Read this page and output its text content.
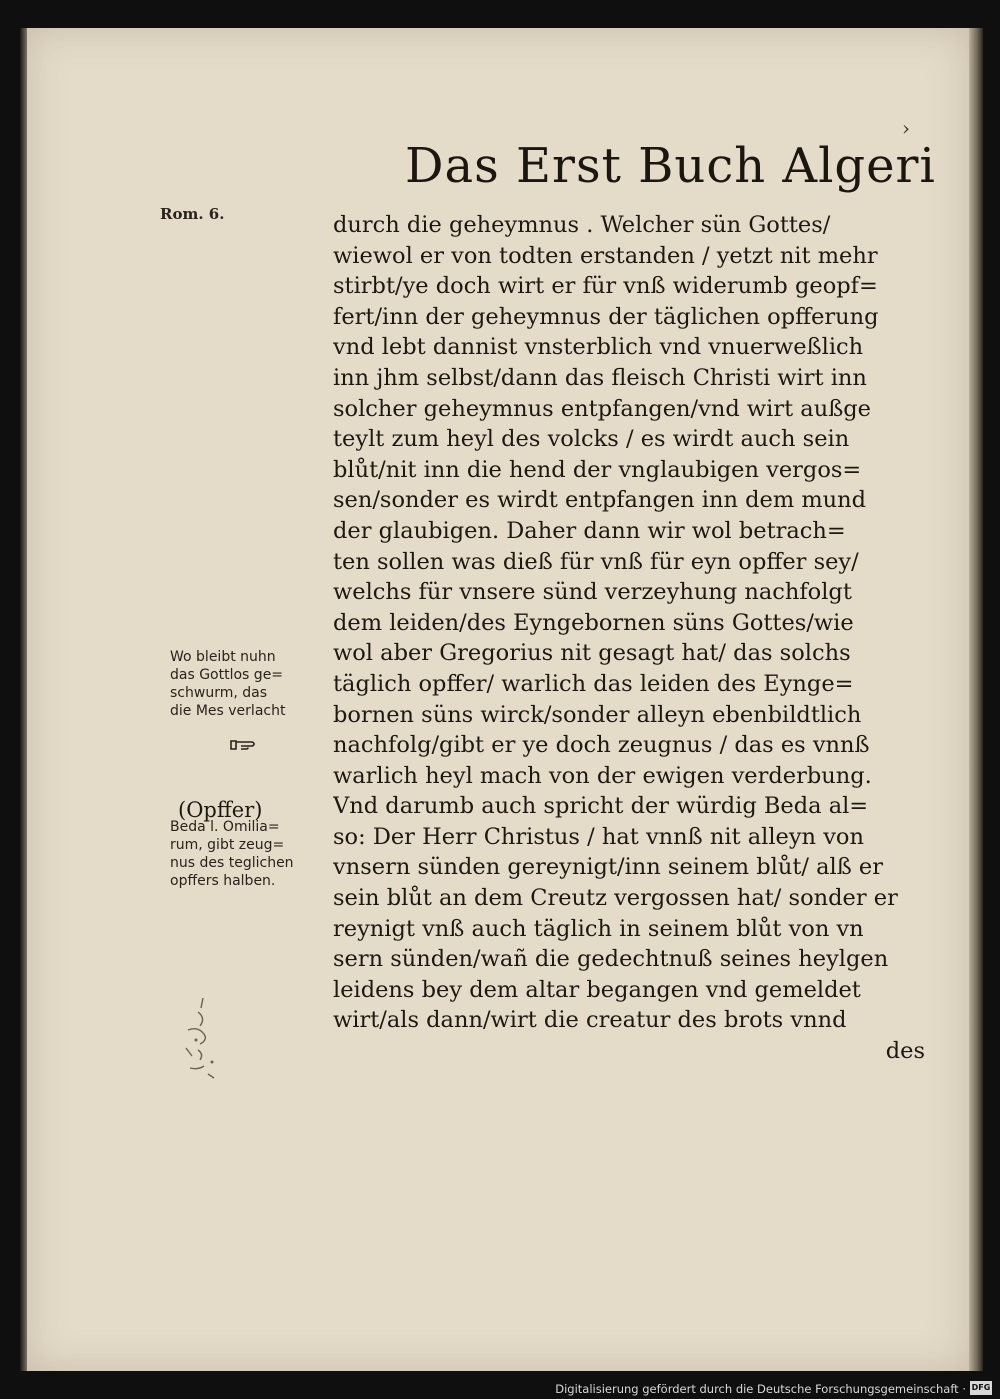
›
Das Erst Buch Algeri
Rom. 6.	durch die geheymnus . Welcher sün Gottes/
wiewol er von todten erstanden / yetzt nit mehr
stirbt/ye doch wirt er für vnß widerumb geopf=
fert/inn der geheymnus der täglichen opfferung
vnd lebt dannist vnsterblich vnd vnuerweßlich
inn jhm selbst/dann das fleisch Christi wirt inn
solcher geheymnus entpfangen/vnd wirt außge
teylt zum heyl des volcks / es wirdt auch sein
blůt/nit inn die hend der vnglaubigen vergos=
sen/sonder es wirdt entpfangen inn dem mund
der glaubigen. Daher dann wir wol betrach=
ten sollen was dieß für vnß für eyn opffer sey/
welchs für vnsere sünd verzeyhung nachfolgt
dem leiden/des Eyngebornen süns Gottes/wie
wol aber Gregorius nit gesagt hat/ das solchs
täglich opffer/ warlich das leiden des Eynge=
bornen süns wirck/sonder alleyn ebenbildtlich
nachfolg/gibt er ye doch zeugnus / das es vnnß
warlich heyl mach von der ewigen verderbung.
Vnd darumb auch spricht der würdig Beda al=
so: Der Herr Christus / hat vnnß nit alleyn von
vnsern sünden gereynigt/inn seinem blůt/ alß er
sein blůt an dem Creutz vergossen hat/ sonder er
reynigt vnß auch täglich in seinem blůt von vn
sern sünden/wañ die gedechtnuß seines heylgen
leidens bey dem altar begangen vnd gemeldet
wirt/als dann/wirt die creatur des brots vnnd
des
Wo bleibt nuhn
das Gottlos ge=
schwurm, das
die Mes verlacht
(Opffer)
Beda l. Omilia=
rum, gibt zeug=
nus des teglichen
opffers halben.
Digitalisierung gefördert durch die Deutsche Forschungsgemeinschaft · DFG
